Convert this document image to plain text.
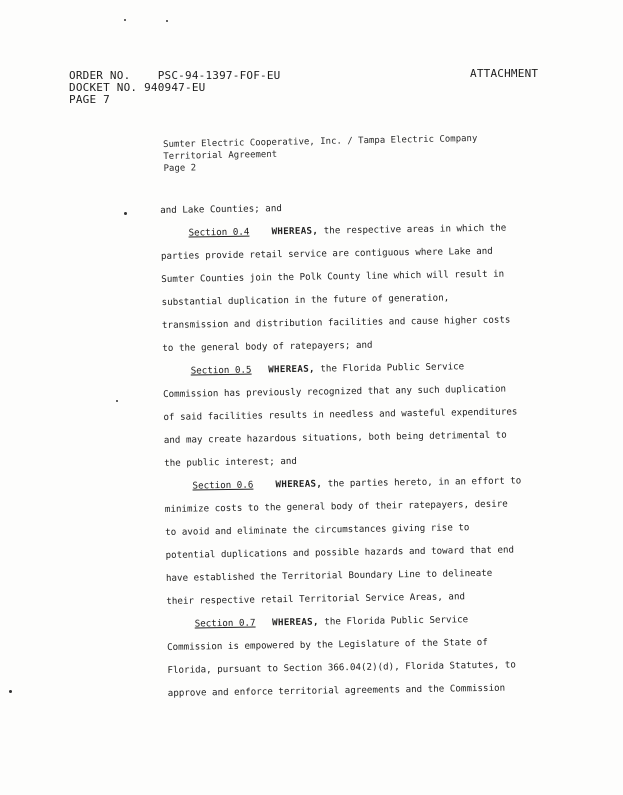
ORDER NO. PSC-94-1397-FOF-EU
DOCKET NO. 940947-EU
PAGE 7
ATTACHMENT
Sumter Electric Cooperative, Inc. / Tampa Electric Company
Territorial Agreement
Page 2
and Lake Counties; and
Section 0.4 WHEREAS, the respective areas in which the
parties provide retail service are contiguous where Lake and
Sumter Counties join the Polk County line which will result in
substantial duplication in the future of generation,
transmission and distribution facilities and cause higher costs
to the general body of ratepayers; and
Section 0.5 WHEREAS, the Florida Public Service
Commission has previously recognized that any such duplication
of said facilities results in needless and wasteful expenditures
and may create hazardous situations, both being detrimental to
the public interest; and
Section 0.6 WHEREAS, the parties hereto, in an effort to
minimize costs to the general body of their ratepayers, desire
to avoid and eliminate the circumstances giving rise to
potential duplications and possible hazards and toward that end
have established the Territorial Boundary Line to delineate
their respective retail Territorial Service Areas, and
Section 0.7 WHEREAS, the Florida Public Service
Commission is empowered by the Legislature of the State of
Florida, pursuant to Section 366.04(2)(d), Florida Statutes, to
approve and enforce territorial agreements and the Commission
